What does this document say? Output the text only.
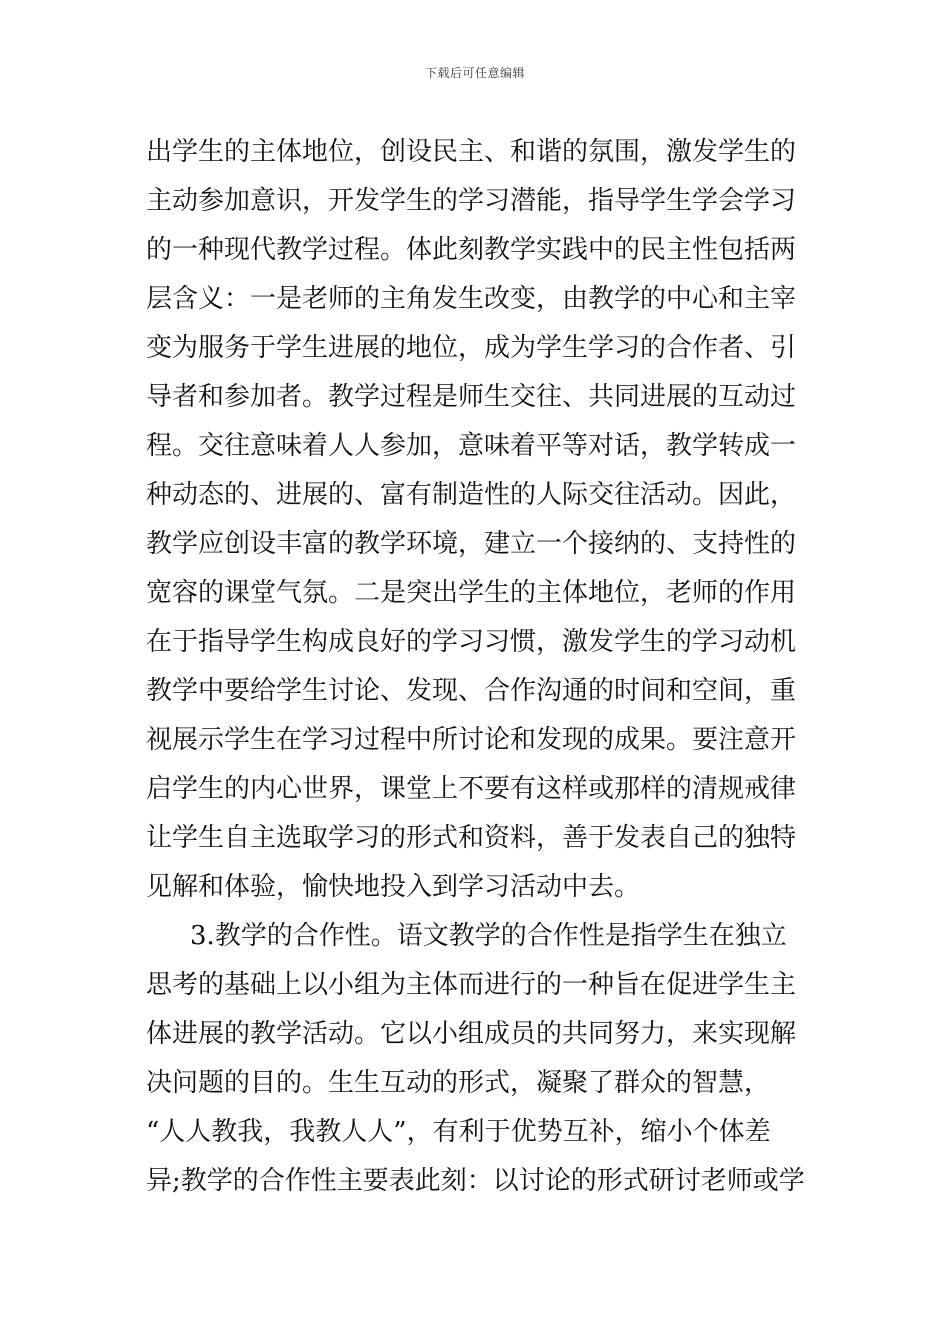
下载后可任意编辑
出学生的主体地位，创设民主、和谐的氛围，激发学生的
主动参加意识，开发学生的学习潜能，指导学生学会学习
的一种现代教学过程。体此刻教学实践中的民主性包括两
层含义：一是老师的主角发生改变，由教学的中心和主宰
变为服务于学生进展的地位，成为学生学习的合作者、引
导者和参加者。教学过程是师生交往、共同进展的互动过
程。交往意味着人人参加，意味着平等对话，教学转成一
种动态的、进展的、富有制造性的人际交往活动。因此，
教学应创设丰富的教学环境，建立一个接纳的、支持性的
宽容的课堂气氛。二是突出学生的主体地位，老师的作用
在于指导学生构成良好的学习习惯，激发学生的学习动机
教学中要给学生讨论、发现、合作沟通的时间和空间，重
视展示学生在学习过程中所讨论和发现的成果。要注意开
启学生的内心世界，课堂上不要有这样或那样的清规戒律
让学生自主选取学习的形式和资料，善于发表自己的独特
见解和体验，愉快地投入到学习活动中去。
3.教学的合作性。语文教学的合作性是指学生在独立
思考的基础上以小组为主体而进行的一种旨在促进学生主
体进展的教学活动。它以小组成员的共同努力，来实现解
决问题的目的。生生互动的形式，凝聚了群众的智慧，
“人人教我，我教人人”，有利于优势互补，缩小个体差
异;教学的合作性主要表此刻：以讨论的形式研讨老师或学
